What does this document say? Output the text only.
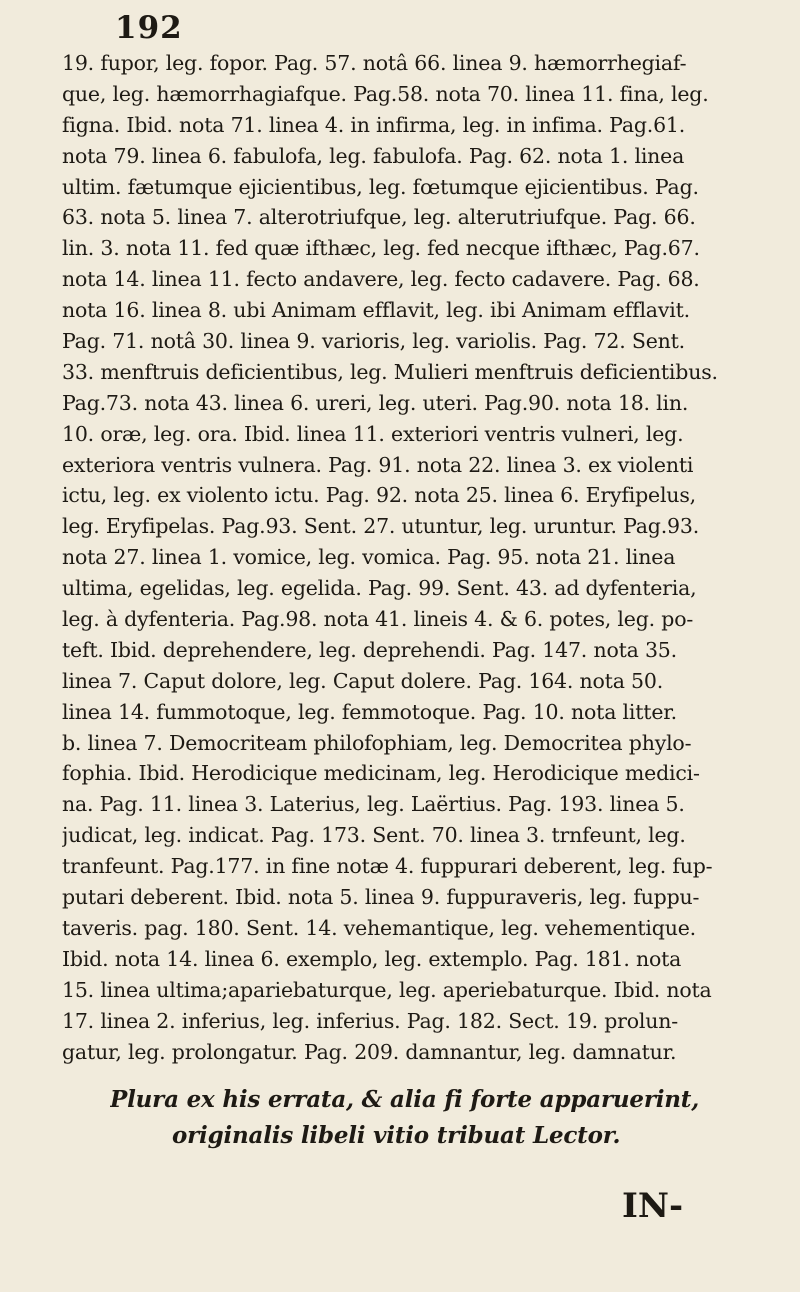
192
19. fupor, leg. fopor. Pag. 57. notâ 66. linea 9. hæmorrhegiaf-
que, leg. hæmorrhagiafque. Pag.58. nota 70. linea 11. fina, leg.
figna. Ibid. nota 71. linea 4. in infirma, leg. in infima. Pag.61.
nota 79. linea 6. fabulofa, leg. fabulofa. Pag. 62. nota 1. linea
ultim. fætumque ejicientibus, leg. fœtumque ejicientibus. Pag.
63. nota 5. linea 7. alterotriufque, leg. alterutriufque. Pag. 66.
lin. 3. nota 11. fed quæ ifthæc, leg. fed necque ifthæc, Pag.67.
nota 14. linea 11. fecto andavere, leg. fecto cadavere. Pag. 68.
nota 16. linea 8. ubi Animam efflavit, leg. ibi Animam efflavit.
Pag. 71. notâ 30. linea 9. varioris, leg. variolis. Pag. 72. Sent.
33. menftruis deficientibus, leg. Mulieri menftruis deficientibus.
Pag.73. nota 43. linea 6. ureri, leg. uteri. Pag.90. nota 18. lin.
10. oræ, leg. ora. Ibid. linea 11. exteriori ventris vulneri, leg.
exteriora ventris vulnera. Pag. 91. nota 22. linea 3. ex violenti
ictu, leg. ex violento ictu. Pag. 92. nota 25. linea 6. Eryfipelus,
leg. Eryfipelas. Pag.93. Sent. 27. utuntur, leg. uruntur. Pag.93.
nota 27. linea 1. vomice, leg. vomica. Pag. 95. nota 21. linea
ultima, egelidas, leg. egelida. Pag. 99. Sent. 43. ad dyfenteria,
leg. à dyfenteria. Pag.98. nota 41. lineis 4. & 6. potes, leg. po-
teft. Ibid. deprehendere, leg. deprehendi. Pag. 147. nota 35.
linea 7. Caput dolore, leg. Caput dolere. Pag. 164. nota 50.
linea 14. fummotoque, leg. femmotoque. Pag. 10. nota litter.
b. linea 7. Democriteam philofophiam, leg. Democritea phylo-
fophia. Ibid. Herodicique medicinam, leg. Herodicique medici-
na. Pag. 11. linea 3. Laterius, leg. Laërtius. Pag. 193. linea 5.
judicat, leg. indicat. Pag. 173. Sent. 70. linea 3. trnfeunt, leg.
tranfeunt. Pag.177. in fine notæ 4. fuppurari deberent, leg. fup-
putari deberent. Ibid. nota 5. linea 9. fuppuraveris, leg. fuppu-
taveris. pag. 180. Sent. 14. vehemantique, leg. vehementique.
Ibid. nota 14. linea 6. exemplo, leg. extemplo. Pag. 181. nota
15. linea ultima;apariebaturque, leg. aperiebaturque. Ibid. nota
17. linea 2. inferius, leg. inferius. Pag. 182. Sect. 19. prolun-
gatur, leg. prolongatur. Pag. 209. damnantur, leg. damnatur.
Plura ex his errata, & alia fi forte apparuerint,
originalis libeli vitio tribuat Lector.
IN-
